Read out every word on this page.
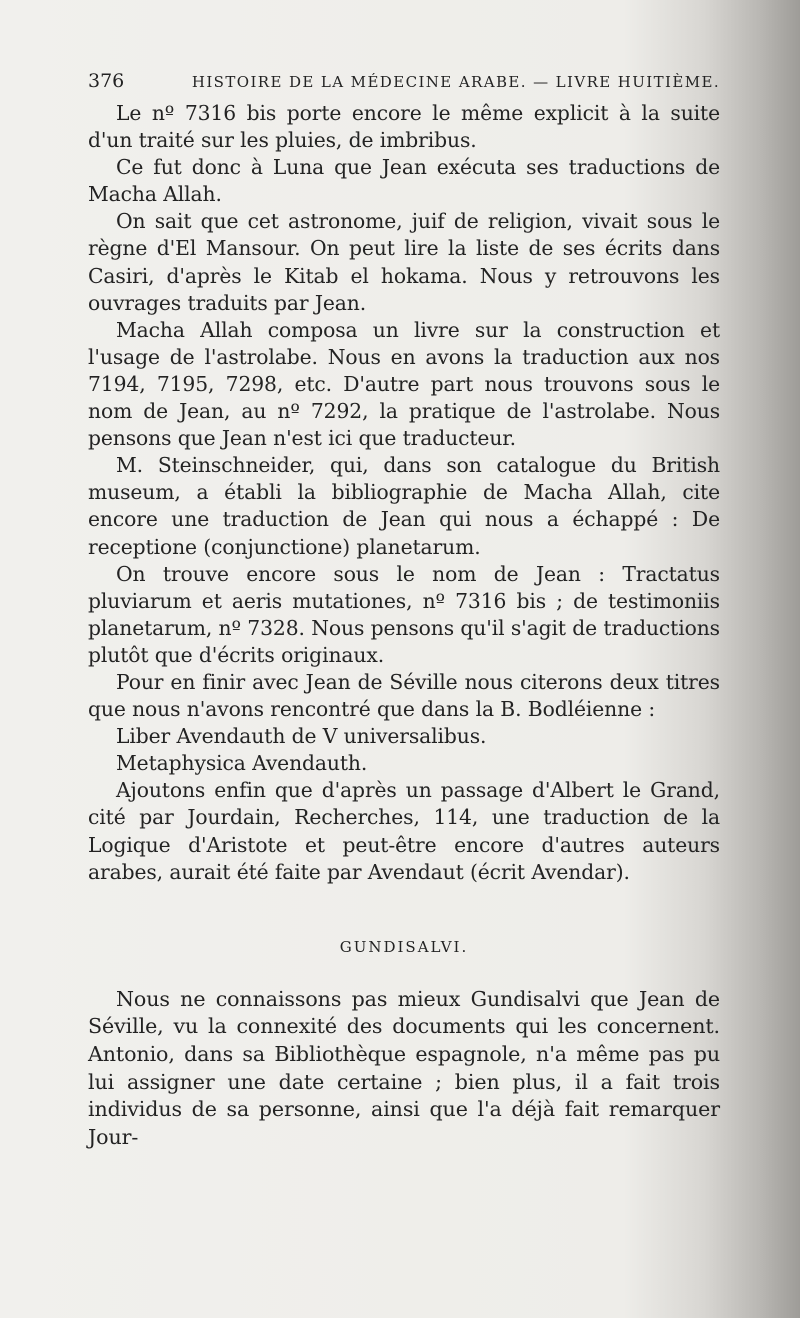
376	HISTOIRE DE LA MÉDECINE ARABE. — LIVRE HUITIÈME.

Le nº 7316 bis porte encore le même explicit à la suite d'un traité sur les pluies, de imbribus.

Ce fut donc à Luna que Jean exécuta ses traductions de Macha Allah.

On sait que cet astronome, juif de religion, vivait sous le règne d'El Mansour. On peut lire la liste de ses écrits dans Casiri, d'après le Kitab el hokama. Nous y retrouvons les ouvrages traduits par Jean.

Macha Allah composa un livre sur la construction et l'usage de l'astrolabe. Nous en avons la traduction aux nos 7194, 7195, 7298, etc. D'autre part nous trouvons sous le nom de Jean, au nº 7292, la pratique de l'astrolabe. Nous pensons que Jean n'est ici que traducteur.

M. Steinschneider, qui, dans son catalogue du British museum, a établi la bibliographie de Macha Allah, cite encore une traduction de Jean qui nous a échappé : De receptione (conjunctione) planetarum.

On trouve encore sous le nom de Jean : Tractatus pluviarum et aeris mutationes, nº 7316 bis ; de testimoniis planetarum, nº 7328. Nous pensons qu'il s'agit de traductions plutôt que d'écrits originaux.

Pour en finir avec Jean de Séville nous citerons deux titres que nous n'avons rencontré que dans la B. Bodléienne :

Liber Avendauth de V universalibus.

Metaphysica Avendauth.

Ajoutons enfin que d'après un passage d'Albert le Grand, cité par Jourdain, Recherches, 114, une traduction de la Logique d'Aristote et peut-être encore d'autres auteurs arabes, aurait été faite par Avendaut (écrit Avendar).

GUNDISALVI.

Nous ne connaissons pas mieux Gundisalvi que Jean de Séville, vu la connexité des documents qui les concernent. Antonio, dans sa Bibliothèque espagnole, n'a même pas pu lui assigner une date certaine ; bien plus, il a fait trois individus de sa personne, ainsi que l'a déjà fait remarquer Jour-
